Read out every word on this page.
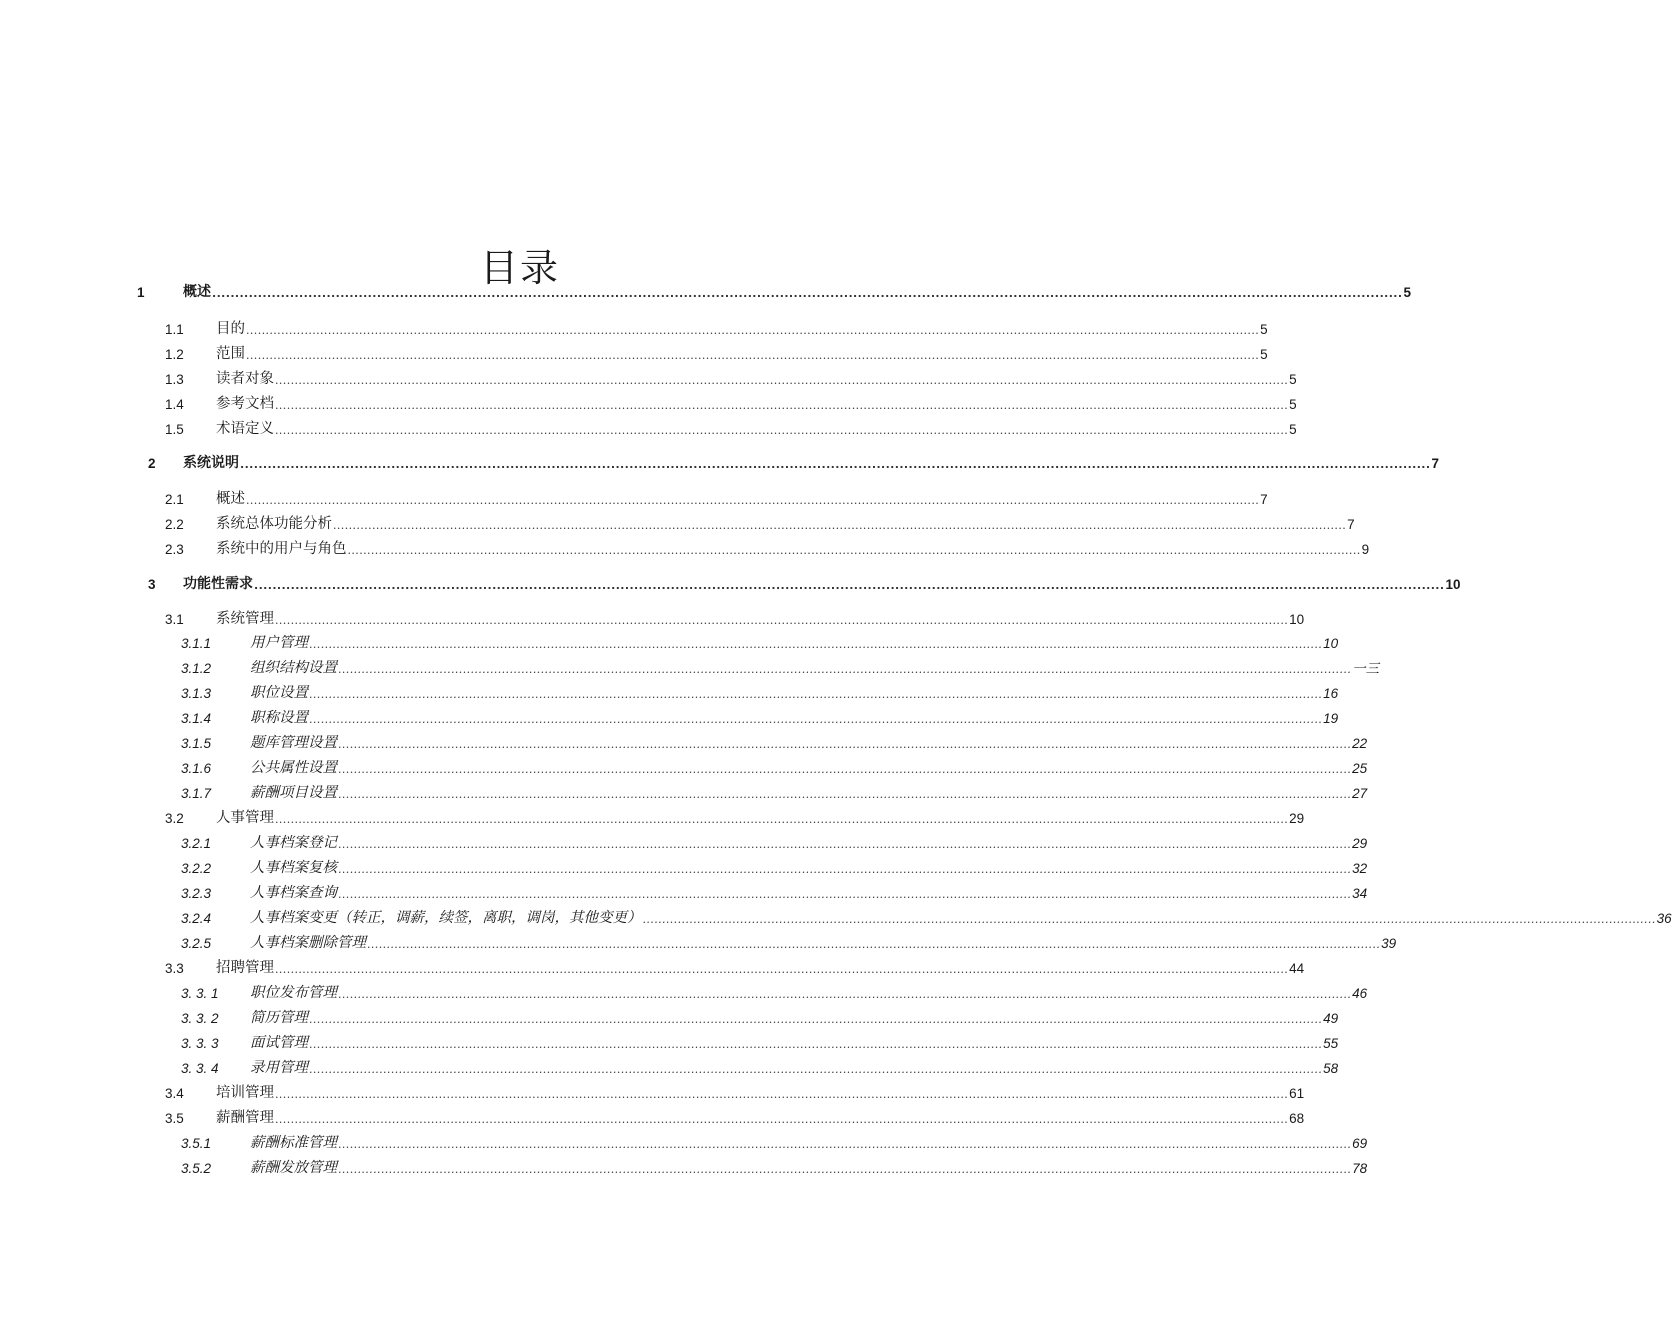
目录
1	概述 .................................................................................................................................................................................................................................................................... 5
1.1 目的 .................................................................................................................................................................................................................................................................... 5
1.2 范围 .................................................................................................................................................................................................................................................................... 5
1.3 读者对象 .................................................................................................................................................................................................................................................................... 5
1.4 参考文档 .................................................................................................................................................................................................................................................................... 5
1.5 术语定义 .................................................................................................................................................................................................................................................................... 5
2 系统说明 .................................................................................................................................................................................................................................................................... 7
2.1 概述 .................................................................................................................................................................................................................................................................... 7
2.2 系统总体功能分析 .................................................................................................................................................................................................................................................................... 7
2.3 系统中的用户与角色 .................................................................................................................................................................................................................................................................... 9
3 功能性需求 .................................................................................................................................................................................................................................................................... 10
3.1 系统管理 .................................................................................................................................................................................................................................................................... 10
3.1.1	用户管理 .................................................................................................................................................................................................................................................................... 10
3.1.2	组织结构设置 .................................................................................................................................................................................................................................................................... 一三
3.1.3	职位设置 .................................................................................................................................................................................................................................................................... 16
3.1.4	职称设置 .................................................................................................................................................................................................................................................................... 19
3.1.5	题库管理设置 .................................................................................................................................................................................................................................................................... 22
3.1.6	公共属性设置 .................................................................................................................................................................................................................................................................... 25
3.1.7	薪酬项目设置 .................................................................................................................................................................................................................................................................... 27
3.2 人事管理 .................................................................................................................................................................................................................................................................... 29
3.2.1	人事档案登记 .................................................................................................................................................................................................................................................................... 29
3.2.2	人事档案复核 .................................................................................................................................................................................................................................................................... 32
3.2.3	人事档案查询 .................................................................................................................................................................................................................................................................... 34
3.2.4	人事档案变更（转正，调薪，续签，离职，调岗，其他变更） .................................................................................................................................................................................................................................................................... 36
3.2.5	人事档案删除管理 .................................................................................................................................................................................................................................................................... 39
3.3 招聘管理 .................................................................................................................................................................................................................................................................... 44
3. 3. 1 职位发布管理 .................................................................................................................................................................................................................................................................... 46
3. 3. 2 简历管理 .................................................................................................................................................................................................................................................................... 49
3. 3. 3 面试管理 .................................................................................................................................................................................................................................................................... 55
3. 3. 4 录用管理 .................................................................................................................................................................................................................................................................... 58
3.4 培训管理 .................................................................................................................................................................................................................................................................... 61
3.5 薪酬管理 .................................................................................................................................................................................................................................................................... 68
3.5.1	薪酬标准管理 .................................................................................................................................................................................................................................................................... 69
3.5.2	薪酬发放管理 .................................................................................................................................................................................................................................................................... 78
